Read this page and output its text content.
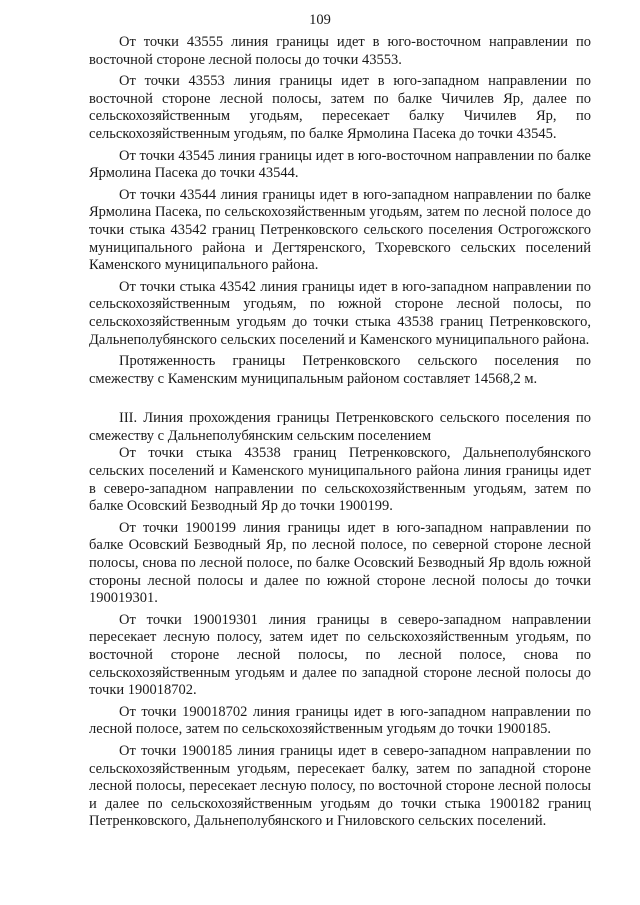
109

От точки 43555 линия границы идет в юго-восточном направлении по восточной стороне лесной полосы до точки 43553.

От точки 43553 линия границы идет в юго-западном направлении по восточной стороне лесной полосы, затем по балке Чичилев Яр, далее по сельскохозяйственным угодьям, пересекает балку Чичилев Яр, по сельскохозяйственным угодьям, по балке Ярмолина Пасека до точки 43545.

От точки 43545 линия границы идет в юго-восточном направлении по балке Ярмолина Пасека до точки 43544.

От точки 43544 линия границы идет в юго-западном направлении по балке Ярмолина Пасека, по сельскохозяйственным угодьям, затем по лесной полосе до точки стыка 43542 границ Петренковского сельского поселения Острогожского муниципального района и Дегтяренского, Тхоревского сельских поселений Каменского муниципального района.

От точки стыка 43542 линия границы идет в юго-западном направлении по сельскохозяйственным угодьям, по южной стороне лесной полосы, по сельскохозяйственным угодьям до точки стыка 43538 границ Петренковского, Дальнеполубянского сельских поселений и Каменского муниципального района.

Протяженность границы Петренковского сельского поселения по смежеству с Каменским муниципальным районом составляет 14568,2 м.

III. Линия прохождения границы Петренковского сельского поселения по смежеству с Дальнеполубянским сельским поселением

От точки стыка 43538 границ Петренковского, Дальнеполубянского сельских поселений и Каменского муниципального района линия границы идет в северо-западном направлении по сельскохозяйственным угодьям, затем по балке Осовский Безводный Яр до точки 1900199.

От точки 1900199 линия границы идет в юго-западном направлении по балке Осовский Безводный Яр, по лесной полосе, по северной стороне лесной полосы, снова по лесной полосе, по балке Осовский Безводный Яр вдоль южной стороны лесной полосы и далее по южной стороне лесной полосы до точки 190019301.

От точки 190019301 линия границы в северо-западном направлении пересекает лесную полосу, затем идет по сельскохозяйственным угодьям, по восточной стороне лесной полосы, по лесной полосе, снова по сельскохозяйственным угодьям и далее по западной стороне лесной полосы до точки 190018702.

От точки 190018702 линия границы идет в юго-западном направлении по лесной полосе, затем по сельскохозяйственным угодьям до точки 1900185.

От точки 1900185 линия границы идет в северо-западном направлении по сельскохозяйственным угодьям, пересекает балку, затем по западной стороне лесной полосы, пересекает лесную полосу, по восточной стороне лесной полосы и далее по сельскохозяйственным угодьям до точки стыка 1900182 границ Петренковского, Дальнеполубянского и Гниловского сельских поселений.
